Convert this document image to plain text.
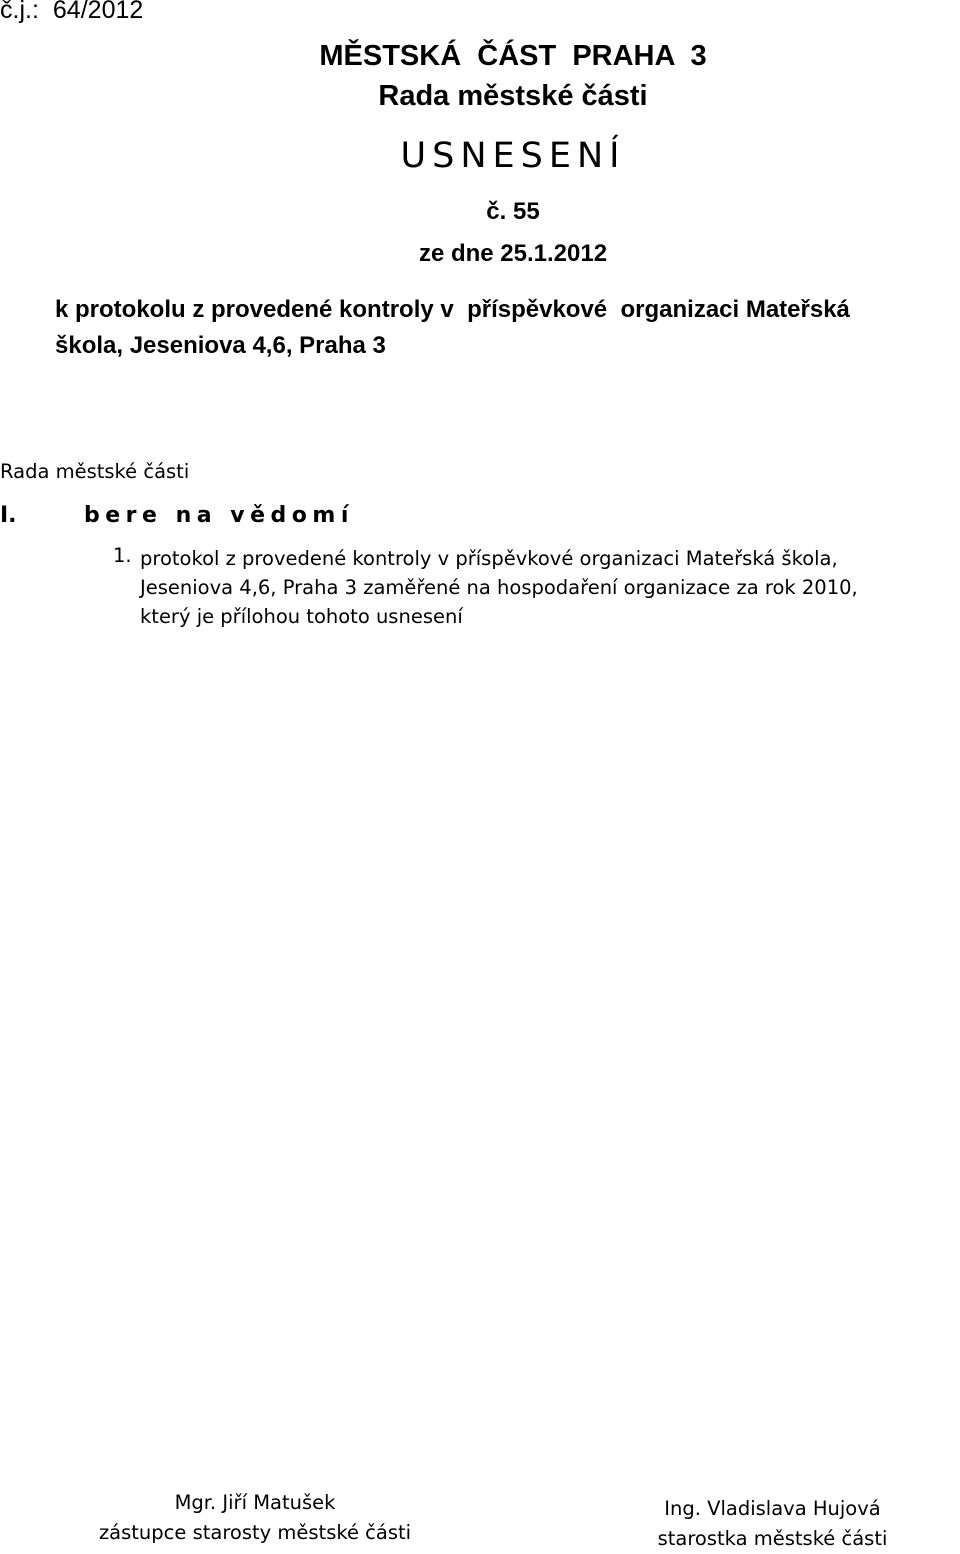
č.j.: 64/2012
MĚSTSKÁ  ČÁST  PRAHA  3
Rada městské části
USNESENÍ
č. 55
ze dne 25.1.2012
k protokolu z provedené kontroly v  příspěvkové  organizaci Mateřská
škola, Jeseniova 4,6, Praha 3
Rada městské části
I.	bere na vědomí
1. protokol z provedené kontroly v příspěvkové organizaci Mateřská škola,
Jeseniova 4,6, Praha 3 zaměřené na hospodaření organizace za rok 2010,
který je přílohou tohoto usnesení
Mgr. Jiří Matušek
zástupce starosty městské části
Ing. Vladislava Hujová
starostka městské části
